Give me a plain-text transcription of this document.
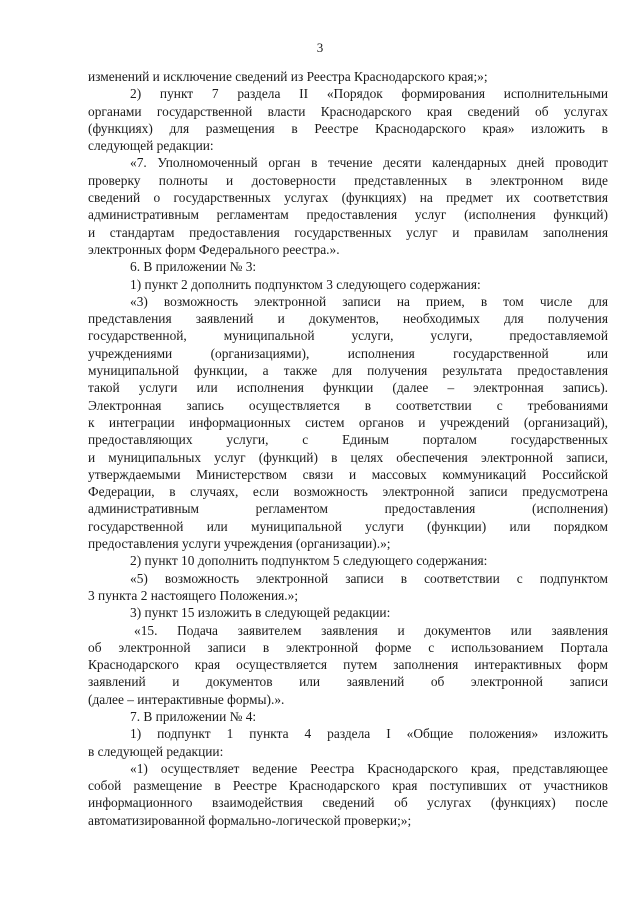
3
изменений и исключение сведений из Реестра Краснодарского края;»;
2) пункт 7 раздела II «Порядок формирования исполнительными
органами государственной власти Краснодарского края сведений об услугах
(функциях) для размещения в Реестре Краснодарского края» изложить в
следующей редакции:
«7. Уполномоченный орган в течение десяти календарных дней проводит
проверку полноты и достоверности представленных в электронном виде
сведений о государственных услугах (функциях) на предмет их соответствия
административным регламентам предоставления услуг (исполнения функций)
и стандартам предоставления государственных услуг и правилам заполнения
электронных форм Федерального реестра.».
6. В приложении № 3:
1) пункт 2 дополнить подпунктом 3 следующего содержания:
«3) возможность электронной записи на прием, в том числе для
представления заявлений и документов, необходимых для получения
государственной, муниципальной услуги, услуги, предоставляемой
учреждениями (организациями), исполнения государственной или
муниципальной функции, а также для получения результата предоставления
такой услуги или исполнения функции (далее – электронная запись).
Электронная запись осуществляется в соответствии с требованиями
к интеграции информационных систем органов и учреждений (организаций),
предоставляющих услуги, с Единым порталом государственных
и муниципальных услуг (функций) в целях обеспечения электронной записи,
утверждаемыми Министерством связи и массовых коммуникаций Российской
Федерации, в случаях, если возможность электронной записи предусмотрена
административным регламентом предоставления (исполнения)
государственной или муниципальной услуги (функции) или порядком
предоставления услуги учреждения (организации).»;
2) пункт 10 дополнить подпунктом 5 следующего содержания:
«5) возможность электронной записи в соответствии с подпунктом
3 пункта 2 настоящего Положения.»;
3) пункт 15 изложить в следующей редакции:
«15. Подача заявителем заявления и документов или заявления
об электронной записи в электронной форме с использованием Портала
Краснодарского края осуществляется путем заполнения интерактивных форм
заявлений и документов или заявлений об электронной записи
(далее – интерактивные формы).».
7. В приложении № 4:
1) подпункт 1 пункта 4 раздела I «Общие положения» изложить
в следующей редакции:
«1) осуществляет ведение Реестра Краснодарского края, представляющее
собой размещение в Реестре Краснодарского края поступивших от участников
информационного взаимодействия сведений об услугах (функциях) после
автоматизированной формально-логической проверки;»;
